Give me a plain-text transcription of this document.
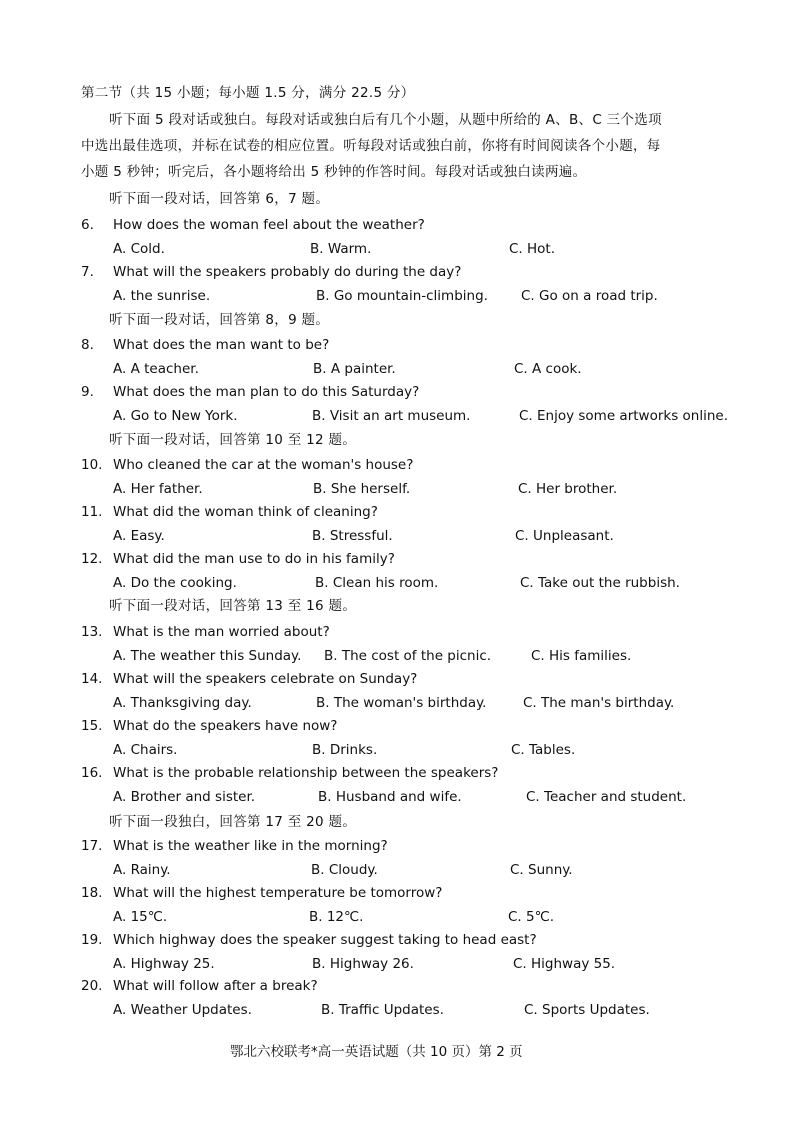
第二节（共 15 小题；每小题 1.5 分，满分 22.5 分）
听下面 5 段对话或独白。每段对话或独白后有几个小题，从题中所给的 A、B、C 三个选项
中选出最佳选项，并标在试卷的相应位置。听每段对话或独白前，你将有时间阅读各个小题，每
小题 5 秒钟；听完后，各小题将给出 5 秒钟的作答时间。每段对话或独白读两遍。
听下面一段对话，回答第 6，7 题。
6. How does the woman feel about the weather?
A. Cold.	B. Warm.	C. Hot.
7. What will the speakers probably do during the day?
A. the sunrise.	B. Go mountain-climbing. C. Go on a road trip.
听下面一段对话，回答第 8，9 题。
8. What does the man want to be?
A. A teacher.	B. A painter.	C. A cook.
9. What does the man plan to do this Saturday?
A. Go to New York.	B. Visit an art museum.	C. Enjoy some artworks online.
听下面一段对话，回答第 10 至 12 题。
10. Who cleaned the car at the woman's house?
A. Her father.	B. She herself.	C. Her brother.
11. What did the woman think of cleaning?
A. Easy.	B. Stressful.	C. Unpleasant.
12. What did the man use to do in his family?
A. Do the cooking.	B. Clean his room.	C. Take out the rubbish.
听下面一段对话，回答第 13 至 16 题。
13. What is the man worried about?
A. The weather this Sunday. B. The cost of the picnic.	C. His families.
14. What will the speakers celebrate on Sunday?
A. Thanksgiving day.	B. The woman's birthday.	C. The man's birthday.
15. What do the speakers have now?
A. Chairs.	B. Drinks.	C. Tables.
16. What is the probable relationship between the speakers?
A. Brother and sister.	B. Husband and wife.	C. Teacher and student.
听下面一段独白，回答第 17 至 20 题。
17. What is the weather like in the morning?
A. Rainy.	B. Cloudy.	C. Sunny.
18. What will the highest temperature be tomorrow?
A. 15℃.	B. 12℃.	C. 5℃.
19. Which highway does the speaker suggest taking to head east?
A. Highway 25.	B. Highway 26.	C. Highway 55.
20. What will follow after a break?
A. Weather Updates.	B. Traffic Updates.	C. Sports Updates.
鄂北六校联考*高一英语试题（共 10 页）第 2 页
